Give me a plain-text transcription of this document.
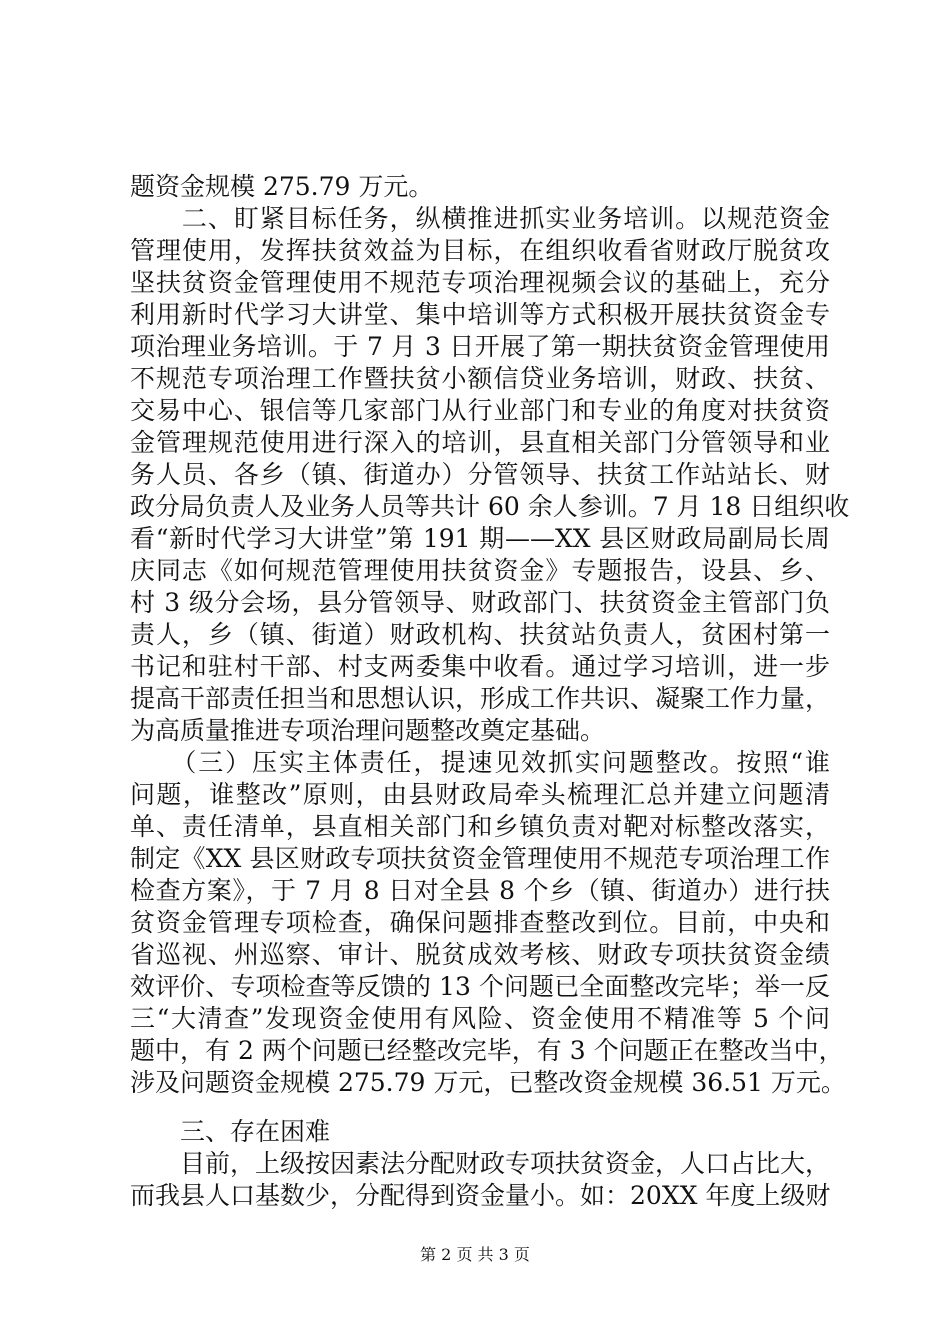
题资金规模 275.79 万元。
　　二、盯紧目标任务，纵横推进抓实业务培训。以规范资金
管理使用，发挥扶贫效益为目标，在组织收看省财政厅脱贫攻
坚扶贫资金管理使用不规范专项治理视频会议的基础上，充分
利用新时代学习大讲堂、集中培训等方式积极开展扶贫资金专
项治理业务培训。于 7 月 3 日开展了第一期扶贫资金管理使用
不规范专项治理工作暨扶贫小额信贷业务培训，财政、扶贫、
交易中心、银信等几家部门从行业部门和专业的角度对扶贫资
金管理规范使用进行深入的培训，县直相关部门分管领导和业
务人员、各乡（镇、街道办）分管领导、扶贫工作站站长、财
政分局负责人及业务人员等共计 60 余人参训。7 月 18 日组织收
看“新时代学习大讲堂”第 191 期——XX 县区财政局副局长周
庆同志《如何规范管理使用扶贫资金》专题报告，设县、乡、
村 3 级分会场，县分管领导、财政部门、扶贫资金主管部门负
责人，乡（镇、街道）财政机构、扶贫站负责人，贫困村第一
书记和驻村干部、村支两委集中收看。通过学习培训，进一步
提高干部责任担当和思想认识，形成工作共识、凝聚工作力量，
为高质量推进专项治理问题整改奠定基础。
　　（三）压实主体责任，提速见效抓实问题整改。按照“谁
问题，谁整改”原则，由县财政局牵头梳理汇总并建立问题清
单、责任清单，县直相关部门和乡镇负责对靶对标整改落实，
制定《XX 县区财政专项扶贫资金管理使用不规范专项治理工作
检查方案》，于 7 月 8 日对全县 8 个乡（镇、街道办）进行扶
贫资金管理专项检查，确保问题排查整改到位。目前，中央和
省巡视、州巡察、审计、脱贫成效考核、财政专项扶贫资金绩
效评价、专项检查等反馈的 13 个问题已全面整改完毕；举一反
三“大清查”发现资金使用有风险、资金使用不精准等 5 个问
题中，有 2 两个问题已经整改完毕，有 3 个问题正在整改当中，
涉及问题资金规模 275.79 万元，已整改资金规模 36.51 万元。
　　三、存在困难
　　目前，上级按因素法分配财政专项扶贫资金，人口占比大，
而我县人口基数少，分配得到资金量小。如：20XX 年度上级财
第 2 页 共 3 页
